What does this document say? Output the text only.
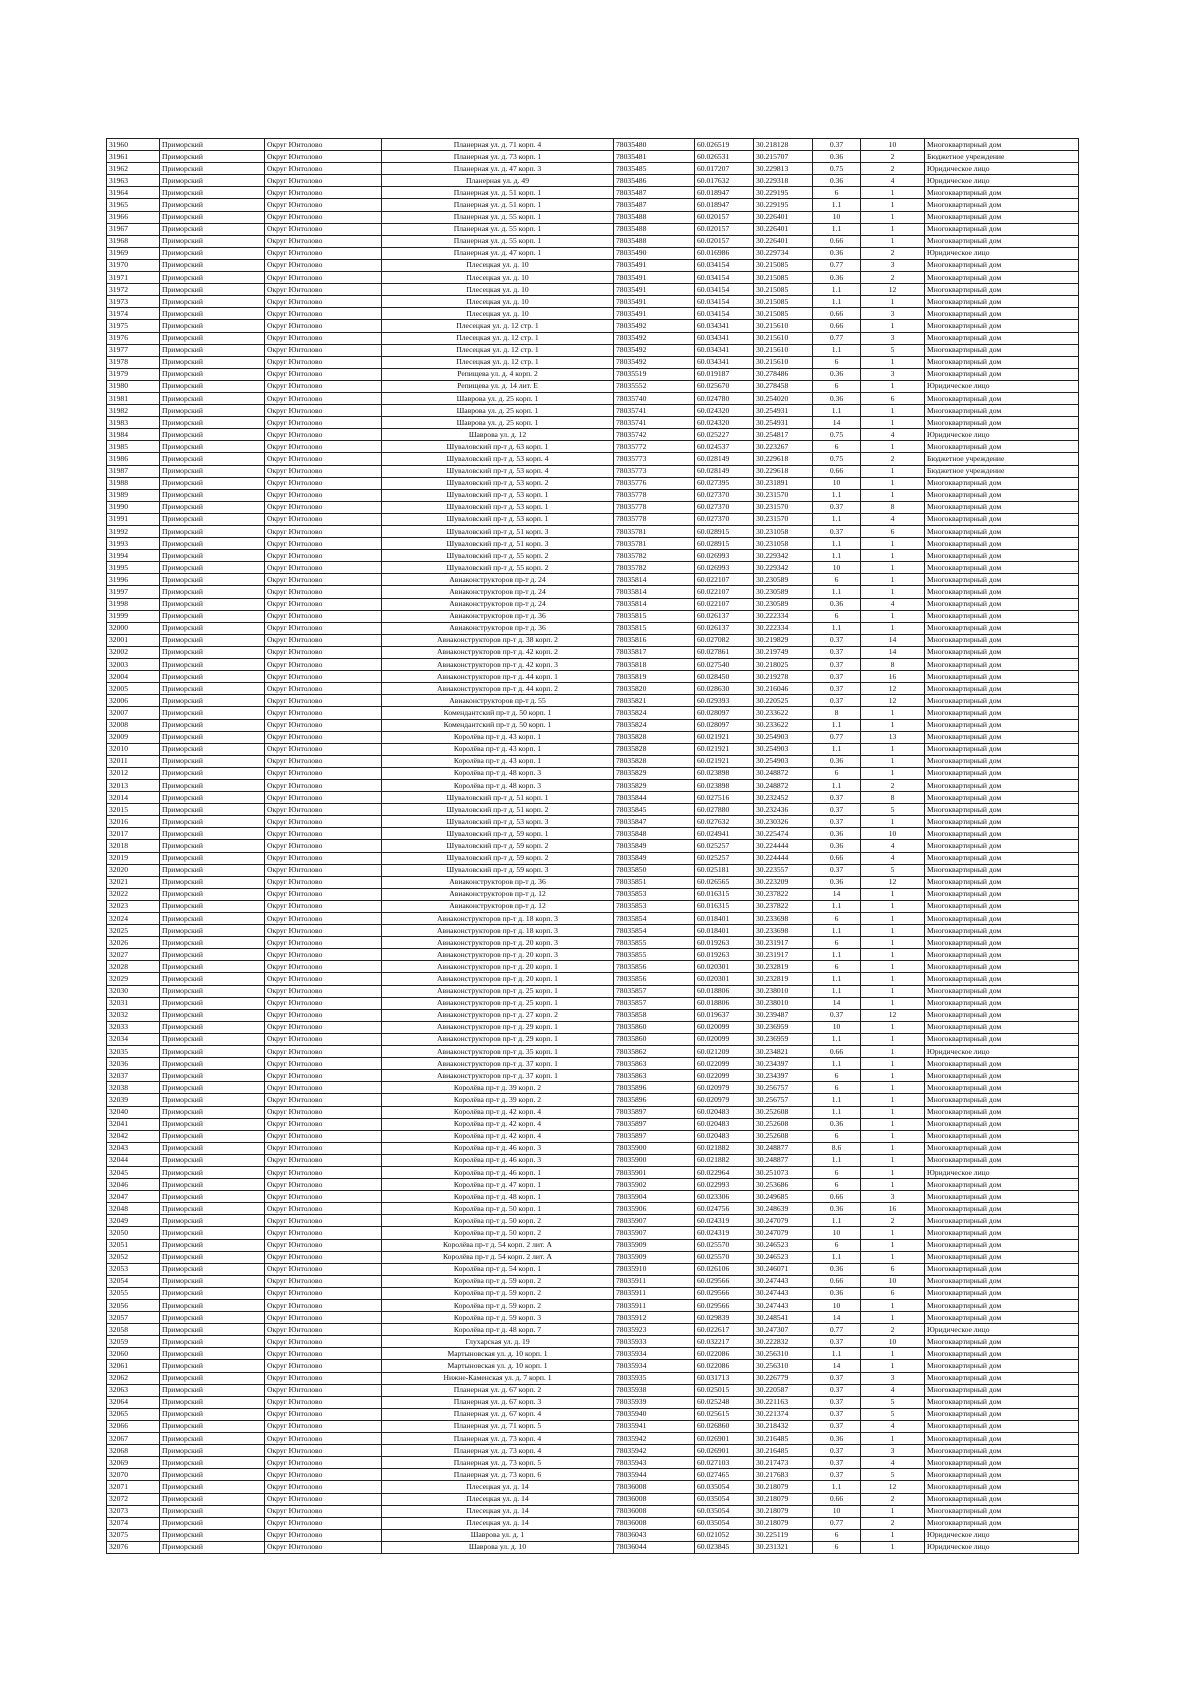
31960	Приморский	Округ Юнтолово	Планерная ул. д. 71 корп. 4	78035480	60.026519	30.218128	0.37	10	Многоквартирный дом
31961	Приморский	Округ Юнтолово	Планерная ул. д. 73 корп. 1	78035481	60.026531	30.215707	0.36	2	Бюджетное учреждение
31962	Приморский	Округ Юнтолово	Планерная ул. д. 47 корп. 3	78035485	60.017207	30.229813	0.75	2	Юридическое лицо
31963	Приморский	Округ Юнтолово	Планерная ул. д. 49	78035486	60.017632	30.229318	0.36	4	Юридическое лицо
31964	Приморский	Округ Юнтолово	Планерная ул. д. 51 корп. 1	78035487	60.018947	30.229195	6	1	Многоквартирный дом
31965	Приморский	Округ Юнтолово	Планерная ул. д. 51 корп. 1	78035487	60.018947	30.229195	1.1	1	Многоквартирный дом
31966	Приморский	Округ Юнтолово	Планерная ул. д. 55 корп. 1	78035488	60.020157	30.226401	10	1	Многоквартирный дом
31967	Приморский	Округ Юнтолово	Планерная ул. д. 55 корп. 1	78035488	60.020157	30.226401	1.1	1	Многоквартирный дом
31968	Приморский	Округ Юнтолово	Планерная ул. д. 55 корп. 1	78035488	60.020157	30.226401	0.66	1	Многоквартирный дом
31969	Приморский	Округ Юнтолово	Планерная ул. д. 47 корп. 1	78035490	60.016986	30.229734	0.36	2	Юридическое лицо
31970	Приморский	Округ Юнтолово	Плесецкая ул. д. 10	78035491	60.034154	30.215085	0.77	3	Многоквартирный дом
31971	Приморский	Округ Юнтолово	Плесецкая ул. д. 10	78035491	60.034154	30.215085	0.36	2	Многоквартирный дом
31972	Приморский	Округ Юнтолово	Плесецкая ул. д. 10	78035491	60.034154	30.215085	1.1	12	Многоквартирный дом
31973	Приморский	Округ Юнтолово	Плесецкая ул. д. 10	78035491	60.034154	30.215085	1.1	1	Многоквартирный дом
31974	Приморский	Округ Юнтолово	Плесецкая ул. д. 10	78035491	60.034154	30.215085	0.66	3	Многоквартирный дом
31975	Приморский	Округ Юнтолово	Плесецкая ул. д. 12 стр. 1	78035492	60.034341	30.215610	0.66	1	Многоквартирный дом
31976	Приморский	Округ Юнтолово	Плесецкая ул. д. 12 стр. 1	78035492	60.034341	30.215610	0.77	3	Многоквартирный дом
31977	Приморский	Округ Юнтолово	Плесецкая ул. д. 12 стр. 1	78035492	60.034341	30.215610	1.1	5	Многоквартирный дом
31978	Приморский	Округ Юнтолово	Плесецкая ул. д. 12 стр. 1	78035492	60.034341	30.215610	6	1	Многоквартирный дом
31979	Приморский	Округ Юнтолово	Репищева ул. д. 4 корп. 2	78035519	60.019187	30.278486	0.36	3	Многоквартирный дом
31980	Приморский	Округ Юнтолово	Репищева ул. д. 14 лит. Е	78035552	60.025670	30.278458	6	1	Юридическое лицо
31981	Приморский	Округ Юнтолово	Шаврова ул. д. 25 корп. 1	78035740	60.024780	30.254020	0.36	6	Многоквартирный дом
31982	Приморский	Округ Юнтолово	Шаврова ул. д. 25 корп. 1	78035741	60.024320	30.254931	1.1	1	Многоквартирный дом
31983	Приморский	Округ Юнтолово	Шаврова ул. д. 25 корп. 1	78035741	60.024320	30.254931	14	1	Многоквартирный дом
31984	Приморский	Округ Юнтолово	Шаврова ул. д. 12	78035742	60.025227	30.254817	0.75	4	Юридическое лицо
31985	Приморский	Округ Юнтолово	Шуваловский пр-т д. 63 корп. 1	78035772	60.024537	30.223267	6	1	Многоквартирный дом
31986	Приморский	Округ Юнтолово	Шуваловский пр-т д. 53 корп. 4	78035773	60.028149	30.229618	0.75	2	Бюджетное учреждение
31987	Приморский	Округ Юнтолово	Шуваловский пр-т д. 53 корп. 4	78035773	60.028149	30.229618	0.66	1	Бюджетное учреждение
31988	Приморский	Округ Юнтолово	Шуваловский пр-т д. 53 корп. 2	78035776	60.027395	30.231891	10	1	Многоквартирный дом
31989	Приморский	Округ Юнтолово	Шуваловский пр-т д. 53 корп. 1	78035778	60.027370	30.231570	1.1	1	Многоквартирный дом
31990	Приморский	Округ Юнтолово	Шуваловский пр-т д. 53 корп. 1	78035778	60.027370	30.231570	0.37	8	Многоквартирный дом
31991	Приморский	Округ Юнтолово	Шуваловский пр-т д. 53 корп. 1	78035778	60.027370	30.231570	1.1	4	Многоквартирный дом
31992	Приморский	Округ Юнтолово	Шуваловский пр-т д. 51 корп. 3	78035781	60.028915	30.231058	0.37	6	Многоквартирный дом
31993	Приморский	Округ Юнтолово	Шуваловский пр-т д. 51 корп. 3	78035781	60.028915	30.231058	1.1	1	Многоквартирный дом
31994	Приморский	Округ Юнтолово	Шуваловский пр-т д. 55 корп. 2	78035782	60.026993	30.229342	1.1	1	Многоквартирный дом
31995	Приморский	Округ Юнтолово	Шуваловский пр-т д. 55 корп. 2	78035782	60.026993	30.229342	10	1	Многоквартирный дом
31996	Приморский	Округ Юнтолово	Авиаконструкторов пр-т д. 24	78035814	60.022107	30.230589	6	1	Многоквартирный дом
31997	Приморский	Округ Юнтолово	Авиаконструкторов пр-т д. 24	78035814	60.022107	30.230589	1.1	1	Многоквартирный дом
31998	Приморский	Округ Юнтолово	Авиаконструкторов пр-т д. 24	78035814	60.022107	30.230589	0.36	4	Многоквартирный дом
31999	Приморский	Округ Юнтолово	Авиаконструкторов пр-т д. 36	78035815	60.026137	30.222334	6	1	Многоквартирный дом
32000	Приморский	Округ Юнтолово	Авиаконструкторов пр-т д. 36	78035815	60.026137	30.222334	1.1	1	Многоквартирный дом
32001	Приморский	Округ Юнтолово	Авиаконструкторов пр-т д. 38 корп. 2	78035816	60.027082	30.219829	0.37	14	Многоквартирный дом
32002	Приморский	Округ Юнтолово	Авиаконструкторов пр-т д. 42 корп. 2	78035817	60.027861	30.219749	0.37	14	Многоквартирный дом
32003	Приморский	Округ Юнтолово	Авиаконструкторов пр-т д. 42 корп. 3	78035818	60.027540	30.218025	0.37	8	Многоквартирный дом
32004	Приморский	Округ Юнтолово	Авиаконструкторов пр-т д. 44 корп. 1	78035819	60.028450	30.219278	0.37	16	Многоквартирный дом
32005	Приморский	Округ Юнтолово	Авиаконструкторов пр-т д. 44 корп. 2	78035820	60.028630	30.216046	0.37	12	Многоквартирный дом
32006	Приморский	Округ Юнтолово	Авиаконструкторов пр-т д. 55	78035821	60.029393	30.220525	0.37	12	Многоквартирный дом
32007	Приморский	Округ Юнтолово	Комендантский пр-т д. 50 корп. 1	78035824	60.028097	30.233622	8	1	Многоквартирный дом
32008	Приморский	Округ Юнтолово	Комендантский пр-т д. 50 корп. 1	78035824	60.028097	30.233622	1.1	1	Многоквартирный дом
32009	Приморский	Округ Юнтолово	Королёва пр-т д. 43 корп. 1	78035828	60.021921	30.254903	0.77	13	Многоквартирный дом
32010	Приморский	Округ Юнтолово	Королёва пр-т д. 43 корп. 1	78035828	60.021921	30.254903	1.1	1	Многоквартирный дом
32011	Приморский	Округ Юнтолово	Королёва пр-т д. 43 корп. 1	78035828	60.021921	30.254903	0.36	1	Многоквартирный дом
32012	Приморский	Округ Юнтолово	Королёва пр-т д. 48 корп. 3	78035829	60.023898	30.248872	6	1	Многоквартирный дом
32013	Приморский	Округ Юнтолово	Королёва пр-т д. 48 корп. 3	78035829	60.023898	30.248872	1.1	2	Многоквартирный дом
32014	Приморский	Округ Юнтолово	Шуваловский пр-т д. 51 корп. 1	78035844	60.027516	30.232452	0.37	8	Многоквартирный дом
32015	Приморский	Округ Юнтолово	Шуваловский пр-т д. 51 корп. 2	78035845	60.027880	30.232436	0.37	5	Многоквартирный дом
32016	Приморский	Округ Юнтолово	Шуваловский пр-т д. 53 корп. 3	78035847	60.027632	30.230326	0.37	1	Многоквартирный дом
32017	Приморский	Округ Юнтолово	Шуваловский пр-т д. 59 корп. 1	78035848	60.024941	30.225474	0.36	10	Многоквартирный дом
32018	Приморский	Округ Юнтолово	Шуваловский пр-т д. 59 корп. 2	78035849	60.025257	30.224444	0.36	4	Многоквартирный дом
32019	Приморский	Округ Юнтолово	Шуваловский пр-т д. 59 корп. 2	78035849	60.025257	30.224444	0.66	4	Многоквартирный дом
32020	Приморский	Округ Юнтолово	Шуваловский пр-т д. 59 корп. 3	78035850	60.025181	30.223557	0.37	5	Многоквартирный дом
32021	Приморский	Округ Юнтолово	Авиаконструкторов пр-т д. 36	78035851	60.026565	30.223209	0.36	12	Многоквартирный дом
32022	Приморский	Округ Юнтолово	Авиаконструкторов пр-т д. 12	78035853	60.016315	30.237822	14	1	Многоквартирный дом
32023	Приморский	Округ Юнтолово	Авиаконструкторов пр-т д. 12	78035853	60.016315	30.237822	1.1	1	Многоквартирный дом
32024	Приморский	Округ Юнтолово	Авиаконструкторов пр-т д. 18 корп. 3	78035854	60.018401	30.233698	6	1	Многоквартирный дом
32025	Приморский	Округ Юнтолово	Авиаконструкторов пр-т д. 18 корп. 3	78035854	60.018401	30.233698	1.1	1	Многоквартирный дом
32026	Приморский	Округ Юнтолово	Авиаконструкторов пр-т д. 20 корп. 3	78035855	60.019263	30.231917	6	1	Многоквартирный дом
32027	Приморский	Округ Юнтолово	Авиаконструкторов пр-т д. 20 корп. 3	78035855	60.019263	30.231917	1.1	1	Многоквартирный дом
32028	Приморский	Округ Юнтолово	Авиаконструкторов пр-т д. 20 корп. 1	78035856	60.020301	30.232819	6	1	Многоквартирный дом
32029	Приморский	Округ Юнтолово	Авиаконструкторов пр-т д. 20 корп. 1	78035856	60.020301	30.232819	1.1	1	Многоквартирный дом
32030	Приморский	Округ Юнтолово	Авиаконструкторов пр-т д. 25 корп. 1	78035857	60.018806	30.238010	1.1	1	Многоквартирный дом
32031	Приморский	Округ Юнтолово	Авиаконструкторов пр-т д. 25 корп. 1	78035857	60.018806	30.238010	14	1	Многоквартирный дом
32032	Приморский	Округ Юнтолово	Авиаконструкторов пр-т д. 27 корп. 2	78035858	60.019637	30.239487	0.37	12	Многоквартирный дом
32033	Приморский	Округ Юнтолово	Авиаконструкторов пр-т д. 29 корп. 1	78035860	60.020099	30.236959	10	1	Многоквартирный дом
32034	Приморский	Округ Юнтолово	Авиаконструкторов пр-т д. 29 корп. 1	78035860	60.020099	30.236959	1.1	1	Многоквартирный дом
32035	Приморский	Округ Юнтолово	Авиаконструкторов пр-т д. 35 корп. 1	78035862	60.021209	30.234821	0.66	1	Юридическое лицо
32036	Приморский	Округ Юнтолово	Авиаконструкторов пр-т д. 37 корп. 1	78035863	60.022099	30.234397	1.1	1	Многоквартирный дом
32037	Приморский	Округ Юнтолово	Авиаконструкторов пр-т д. 37 корп. 1	78035863	60.022099	30.234397	6	1	Многоквартирный дом
32038	Приморский	Округ Юнтолово	Королёва пр-т д. 39 корп. 2	78035896	60.020979	30.256757	6	1	Многоквартирный дом
32039	Приморский	Округ Юнтолово	Королёва пр-т д. 39 корп. 2	78035896	60.020979	30.256757	1.1	1	Многоквартирный дом
32040	Приморский	Округ Юнтолово	Королёва пр-т д. 42 корп. 4	78035897	60.020483	30.252608	1.1	1	Многоквартирный дом
32041	Приморский	Округ Юнтолово	Королёва пр-т д. 42 корп. 4	78035897	60.020483	30.252608	0.36	1	Многоквартирный дом
32042	Приморский	Округ Юнтолово	Королёва пр-т д. 42 корп. 4	78035897	60.020483	30.252608	6	1	Многоквартирный дом
32043	Приморский	Округ Юнтолово	Королёва пр-т д. 46 корп. 3	78035900	60.021882	30.248877	8.6	1	Многоквартирный дом
32044	Приморский	Округ Юнтолово	Королёва пр-т д. 46 корп. 3	78035900	60.021882	30.248877	1.1	1	Многоквартирный дом
32045	Приморский	Округ Юнтолово	Королёва пр-т д. 46 корп. 1	78035901	60.022964	30.251073	6	1	Юридическое лицо
32046	Приморский	Округ Юнтолово	Королёва пр-т д. 47 корп. 1	78035902	60.022993	30.253686	6	1	Многоквартирный дом
32047	Приморский	Округ Юнтолово	Королёва пр-т д. 48 корп. 1	78035904	60.023306	30.249685	0.66	3	Многоквартирный дом
32048	Приморский	Округ Юнтолово	Королёва пр-т д. 50 корп. 1	78035906	60.024756	30.248639	0.36	16	Многоквартирный дом
32049	Приморский	Округ Юнтолово	Королёва пр-т д. 50 корп. 2	78035907	60.024319	30.247079	1.1	2	Многоквартирный дом
32050	Приморский	Округ Юнтолово	Королёва пр-т д. 50 корп. 2	78035907	60.024319	30.247079	10	1	Многоквартирный дом
32051	Приморский	Округ Юнтолово	Королёва пр-т д. 54 корп. 2 лит. А	78035909	60.025570	30.246523	6	1	Многоквартирный дом
32052	Приморский	Округ Юнтолово	Королёва пр-т д. 54 корп. 2 лит. А	78035909	60.025570	30.246523	1.1	1	Многоквартирный дом
32053	Приморский	Округ Юнтолово	Королёва пр-т д. 54 корп. 1	78035910	60.026106	30.246071	0.36	6	Многоквартирный дом
32054	Приморский	Округ Юнтолово	Королёва пр-т д. 59 корп. 2	78035911	60.029566	30.247443	0.66	10	Многоквартирный дом
32055	Приморский	Округ Юнтолово	Королёва пр-т д. 59 корп. 2	78035911	60.029566	30.247443	0.36	6	Многоквартирный дом
32056	Приморский	Округ Юнтолово	Королёва пр-т д. 59 корп. 2	78035911	60.029566	30.247443	10	1	Многоквартирный дом
32057	Приморский	Округ Юнтолово	Королёва пр-т д. 59 корп. 3	78035912	60.029839	30.248541	14	1	Многоквартирный дом
32058	Приморский	Округ Юнтолово	Королёва пр-т д. 48 корп. 7	78035923	60.022617	30.247307	0.77	2	Юридическое лицо
32059	Приморский	Округ Юнтолово	Глухарская ул. д. 19	78035933	60.032217	30.222832	0.37	10	Многоквартирный дом
32060	Приморский	Округ Юнтолово	Мартыновская ул. д. 10 корп. 1	78035934	60.022086	30.256310	1.1	1	Многоквартирный дом
32061	Приморский	Округ Юнтолово	Мартыновская ул. д. 10 корп. 1	78035934	60.022086	30.256310	14	1	Многоквартирный дом
32062	Приморский	Округ Юнтолово	Нижне-Каменская ул. д. 7 корп. 1	78035935	60.031713	30.226779	0.37	3	Многоквартирный дом
32063	Приморский	Округ Юнтолово	Планерная ул. д. 67 корп. 2	78035938	60.025015	30.220587	0.37	4	Многоквартирный дом
32064	Приморский	Округ Юнтолово	Планерная ул. д. 67 корп. 3	78035939	60.025248	30.221163	0.37	5	Многоквартирный дом
32065	Приморский	Округ Юнтолово	Планерная ул. д. 67 корп. 4	78035940	60.025615	30.221374	0.37	5	Многоквартирный дом
32066	Приморский	Округ Юнтолово	Планерная ул. д. 71 корп. 5	78035941	60.026860	30.218432	0.37	4	Многоквартирный дом
32067	Приморский	Округ Юнтолово	Планерная ул. д. 73 корп. 4	78035942	60.026901	30.216485	0.36	1	Многоквартирный дом
32068	Приморский	Округ Юнтолово	Планерная ул. д. 73 корп. 4	78035942	60.026901	30.216485	0.37	3	Многоквартирный дом
32069	Приморский	Округ Юнтолово	Планерная ул. д. 73 корп. 5	78035943	60.027103	30.217473	0.37	4	Многоквартирный дом
32070	Приморский	Округ Юнтолово	Планерная ул. д. 73 корп. 6	78035944	60.027465	30.217683	0.37	5	Многоквартирный дом
32071	Приморский	Округ Юнтолово	Плесецкая ул. д. 14	78036008	60.035054	30.218079	1.1	12	Многоквартирный дом
32072	Приморский	Округ Юнтолово	Плесецкая ул. д. 14	78036008	60.035054	30.218079	0.66	2	Многоквартирный дом
32073	Приморский	Округ Юнтолово	Плесецкая ул. д. 14	78036008	60.035054	30.218079	10	1	Многоквартирный дом
32074	Приморский	Округ Юнтолово	Плесецкая ул. д. 14	78036008	60.035054	30.218079	0.77	2	Многоквартирный дом
32075	Приморский	Округ Юнтолово	Шаврова ул. д. 1	78036043	60.021052	30.225119	6	1	Юридическое лицо
32076	Приморский	Округ Юнтолово	Шаврова ул. д. 10	78036044	60.023845	30.231321	6	1	Юридическое лицо
